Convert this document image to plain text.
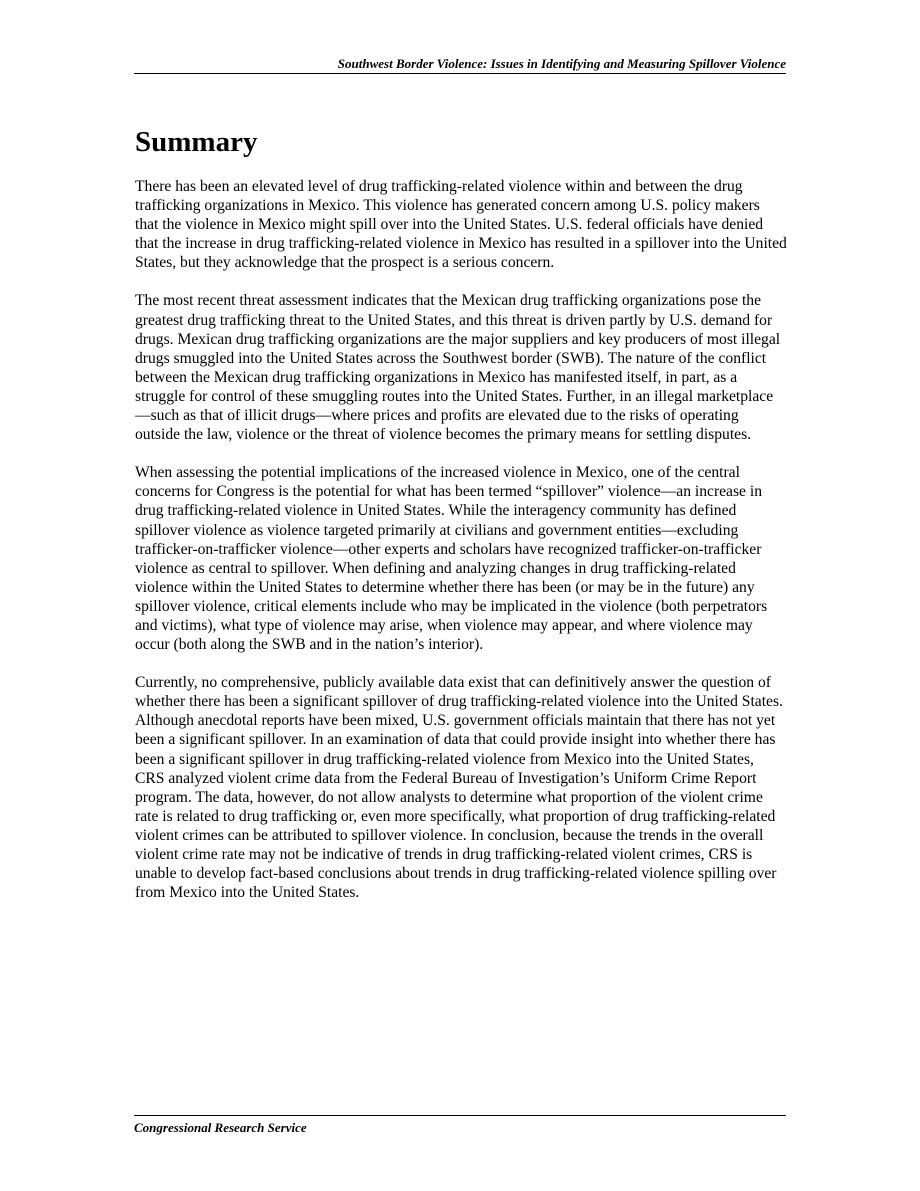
Southwest Border Violence: Issues in Identifying and Measuring Spillover Violence
Summary

There has been an elevated level of drug trafficking-related violence within and between the drug trafficking organizations in Mexico. This violence has generated concern among U.S. policy makers that the violence in Mexico might spill over into the United States. U.S. federal officials have denied that the increase in drug trafficking-related violence in Mexico has resulted in a spillover into the United States, but they acknowledge that the prospect is a serious concern.

The most recent threat assessment indicates that the Mexican drug trafficking organizations pose the greatest drug trafficking threat to the United States, and this threat is driven partly by U.S. demand for drugs. Mexican drug trafficking organizations are the major suppliers and key producers of most illegal drugs smuggled into the United States across the Southwest border (SWB). The nature of the conflict between the Mexican drug trafficking organizations in Mexico has manifested itself, in part, as a struggle for control of these smuggling routes into the United States. Further, in an illegal marketplace—such as that of illicit drugs—where prices and profits are elevated due to the risks of operating outside the law, violence or the threat of violence becomes the primary means for settling disputes.

When assessing the potential implications of the increased violence in Mexico, one of the central concerns for Congress is the potential for what has been termed “spillover” violence—an increase in drug trafficking-related violence in United States. While the interagency community has defined spillover violence as violence targeted primarily at civilians and government entities—excluding trafficker-on-trafficker violence—other experts and scholars have recognized trafficker-on-trafficker violence as central to spillover. When defining and analyzing changes in drug trafficking-related violence within the United States to determine whether there has been (or may be in the future) any spillover violence, critical elements include who may be implicated in the violence (both perpetrators and victims), what type of violence may arise, when violence may appear, and where violence may occur (both along the SWB and in the nation’s interior).

Currently, no comprehensive, publicly available data exist that can definitively answer the question of whether there has been a significant spillover of drug trafficking-related violence into the United States. Although anecdotal reports have been mixed, U.S. government officials maintain that there has not yet been a significant spillover. In an examination of data that could provide insight into whether there has been a significant spillover in drug trafficking-related violence from Mexico into the United States, CRS analyzed violent crime data from the Federal Bureau of Investigation’s Uniform Crime Report program. The data, however, do not allow analysts to determine what proportion of the violent crime rate is related to drug trafficking or, even more specifically, what proportion of drug trafficking-related violent crimes can be attributed to spillover violence. In conclusion, because the trends in the overall violent crime rate may not be indicative of trends in drug trafficking-related violent crimes, CRS is unable to develop fact-based conclusions about trends in drug trafficking-related violence spilling over from Mexico into the United States.

Congressional Research Service
